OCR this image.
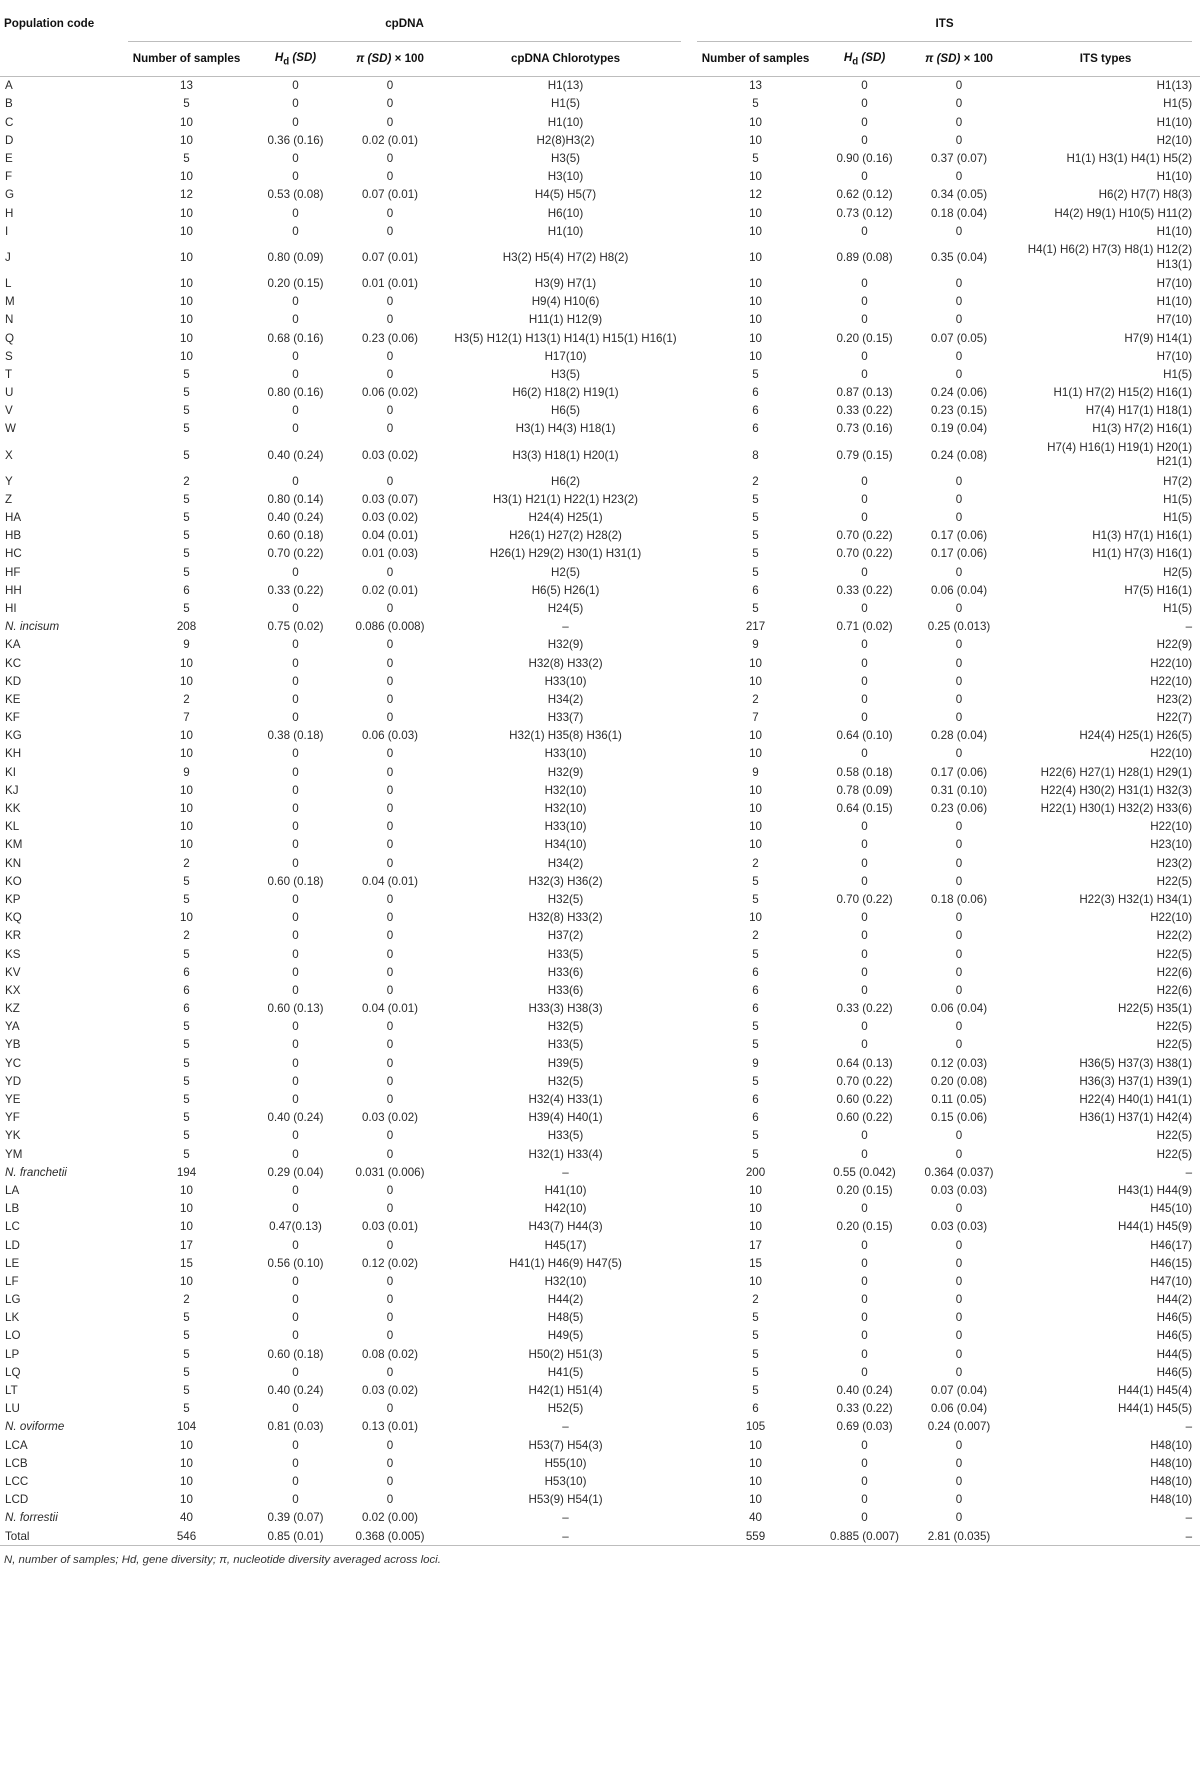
Population code	cpDNA				ITS			

	Number of samples	$H_d$ (SD)	π (SD) × 100	cpDNA Chlorotypes	Number of samples	$H_d$ (SD)	π (SD) × 100	ITS types
A	13	0	0	H1(13)	13	0	0	H1(13)
B	5	0	0	H1(5)	5	0	0	H1(5)
C	10	0	0	H1(10)	10	0	0	H1(10)
D	10	0.36 (0.16)	0.02 (0.01)	H2(8)H3(2)	10	0	0	H2(10)
E	5	0	0	H3(5)	5	0.90 (0.16)	0.37 (0.07)	H1(1) H3(1) H4(1) H5(2)
F	10	0	0	H3(10)	10	0	0	H1(10)
G	12	0.53 (0.08)	0.07 (0.01)	H4(5) H5(7)	12	0.62 (0.12)	0.34 (0.05)	H6(2) H7(7) H8(3)
H	10	0	0	H6(10)	10	0.73 (0.12)	0.18 (0.04)	H4(2) H9(1) H10(5) H11(2)
I	10	0	0	H1(10)	10	0	0	H1(10)
J	10	0.80 (0.09)	0.07 (0.01)	H3(2) H5(4) H7(2) H8(2)	10	0.89 (0.08)	0.35 (0.04)	H4(1) H6(2) H7(3) H8(1) H12(2) H13(1)
L	10	0.20 (0.15)	0.01 (0.01)	H3(9) H7(1)	10	0	0	H7(10)
M	10	0	0	H9(4) H10(6)	10	0	0	H1(10)
N	10	0	0	H11(1) H12(9)	10	0	0	H7(10)
Q	10	0.68 (0.16)	0.23 (0.06)	H3(5) H12(1) H13(1) H14(1) H15(1) H16(1)	10	0.20 (0.15)	0.07 (0.05)	H7(9) H14(1)
S	10	0	0	H17(10)	10	0	0	H7(10)
T	5	0	0	H3(5)	5	0	0	H1(5)
U	5	0.80 (0.16)	0.06 (0.02)	H6(2) H18(2) H19(1)	6	0.87 (0.13)	0.24 (0.06)	H1(1) H7(2) H15(2) H16(1)
V	5	0	0	H6(5)	6	0.33 (0.22)	0.23 (0.15)	H7(4) H17(1) H18(1)
W	5	0	0	H3(1) H4(3) H18(1)	6	0.73 (0.16)	0.19 (0.04)	H1(3) H7(2) H16(1)
X	5	0.40 (0.24)	0.03 (0.02)	H3(3) H18(1) H20(1)	8	0.79 (0.15)	0.24 (0.08)	H7(4) H16(1) H19(1) H20(1) H21(1)
Y	2	0	0	H6(2)	2	0	0	H7(2)
Z	5	0.80 (0.14)	0.03 (0.07)	H3(1) H21(1) H22(1) H23(2)	5	0	0	H1(5)
HA	5	0.40 (0.24)	0.03 (0.02)	H24(4) H25(1)	5	0	0	H1(5)
HB	5	0.60 (0.18)	0.04 (0.01)	H26(1) H27(2) H28(2)	5	0.70 (0.22)	0.17 (0.06)	H1(3) H7(1) H16(1)
HC	5	0.70 (0.22)	0.01 (0.03)	H26(1) H29(2) H30(1) H31(1)	5	0.70 (0.22)	0.17 (0.06)	H1(1) H7(3) H16(1)
HF	5	0	0	H2(5)	5	0	0	H2(5)
HH	6	0.33 (0.22)	0.02 (0.01)	H6(5) H26(1)	6	0.33 (0.22)	0.06 (0.04)	H7(5) H16(1)
HI	5	0	0	H24(5)	5	0	0	H1(5)
N. incisum	208	0.75 (0.02)	0.086 (0.008)	–	217	0.71 (0.02)	0.25 (0.013)	–
KA	9	0	0	H32(9)	9	0	0	H22(9)
KC	10	0	0	H32(8) H33(2)	10	0	0	H22(10)
KD	10	0	0	H33(10)	10	0	0	H22(10)
KE	2	0	0	H34(2)	2	0	0	H23(2)
KF	7	0	0	H33(7)	7	0	0	H22(7)
KG	10	0.38 (0.18)	0.06 (0.03)	H32(1) H35(8) H36(1)	10	0.64 (0.10)	0.28 (0.04)	H24(4) H25(1) H26(5)
KH	10	0	0	H33(10)	10	0	0	H22(10)
KI	9	0	0	H32(9)	9	0.58 (0.18)	0.17 (0.06)	H22(6) H27(1) H28(1) H29(1)
KJ	10	0	0	H32(10)	10	0.78 (0.09)	0.31 (0.10)	H22(4) H30(2) H31(1) H32(3)
KK	10	0	0	H32(10)	10	0.64 (0.15)	0.23 (0.06)	H22(1) H30(1) H32(2) H33(6)
KL	10	0	0	H33(10)	10	0	0	H22(10)
KM	10	0	0	H34(10)	10	0	0	H23(10)
KN	2	0	0	H34(2)	2	0	0	H23(2)
KO	5	0.60 (0.18)	0.04 (0.01)	H32(3) H36(2)	5	0	0	H22(5)
KP	5	0	0	H32(5)	5	0.70 (0.22)	0.18 (0.06)	H22(3) H32(1) H34(1)
KQ	10	0	0	H32(8) H33(2)	10	0	0	H22(10)
KR	2	0	0	H37(2)	2	0	0	H22(2)
KS	5	0	0	H33(5)	5	0	0	H22(5)
KV	6	0	0	H33(6)	6	0	0	H22(6)
KX	6	0	0	H33(6)	6	0	0	H22(6)
KZ	6	0.60 (0.13)	0.04 (0.01)	H33(3) H38(3)	6	0.33 (0.22)	0.06 (0.04)	H22(5) H35(1)
YA	5	0	0	H32(5)	5	0	0	H22(5)
YB	5	0	0	H33(5)	5	0	0	H22(5)
YC	5	0	0	H39(5)	9	0.64 (0.13)	0.12 (0.03)	H36(5) H37(3) H38(1)
YD	5	0	0	H32(5)	5	0.70 (0.22)	0.20 (0.08)	H36(3) H37(1) H39(1)
YE	5	0	0	H32(4) H33(1)	6	0.60 (0.22)	0.11 (0.05)	H22(4) H40(1) H41(1)
YF	5	0.40 (0.24)	0.03 (0.02)	H39(4) H40(1)	6	0.60 (0.22)	0.15 (0.06)	H36(1) H37(1) H42(4)
YK	5	0	0	H33(5)	5	0	0	H22(5)
YM	5	0	0	H32(1) H33(4)	5	0	0	H22(5)
N. franchetii	194	0.29 (0.04)	0.031 (0.006)	–	200	0.55 (0.042)	0.364 (0.037)	–
LA	10	0	0	H41(10)	10	0.20 (0.15)	0.03 (0.03)	H43(1) H44(9)
LB	10	0	0	H42(10)	10	0	0	H45(10)
LC	10	0.47(0.13)	0.03 (0.01)	H43(7) H44(3)	10	0.20 (0.15)	0.03 (0.03)	H44(1) H45(9)
LD	17	0	0	H45(17)	17	0	0	H46(17)
LE	15	0.56 (0.10)	0.12 (0.02)	H41(1) H46(9) H47(5)	15	0	0	H46(15)
LF	10	0	0	H32(10)	10	0	0	H47(10)
LG	2	0	0	H44(2)	2	0	0	H44(2)
LK	5	0	0	H48(5)	5	0	0	H46(5)
LO	5	0	0	H49(5)	5	0	0	H46(5)
LP	5	0.60 (0.18)	0.08 (0.02)	H50(2) H51(3)	5	0	0	H44(5)
LQ	5	0	0	H41(5)	5	0	0	H46(5)
LT	5	0.40 (0.24)	0.03 (0.02)	H42(1) H51(4)	5	0.40 (0.24)	0.07 (0.04)	H44(1) H45(4)
LU	5	0	0	H52(5)	6	0.33 (0.22)	0.06 (0.04)	H44(1) H45(5)
N. oviforme	104	0.81 (0.03)	0.13 (0.01)	–	105	0.69 (0.03)	0.24 (0.007)	–
LCA	10	0	0	H53(7) H54(3)	10	0	0	H48(10)
LCB	10	0	0	H55(10)	10	0	0	H48(10)
LCC	10	0	0	H53(10)	10	0	0	H48(10)
LCD	10	0	0	H53(9) H54(1)	10	0	0	H48(10)
N. forrestii	40	0.39 (0.07)	0.02 (0.00)	–	40	0	0	–
Total	546	0.85 (0.01)	0.368 (0.005)	–	559	0.885 (0.007)	2.81 (0.035)	–
N, number of samples; Hd, gene diversity; π, nucleotide diversity averaged across loci.
